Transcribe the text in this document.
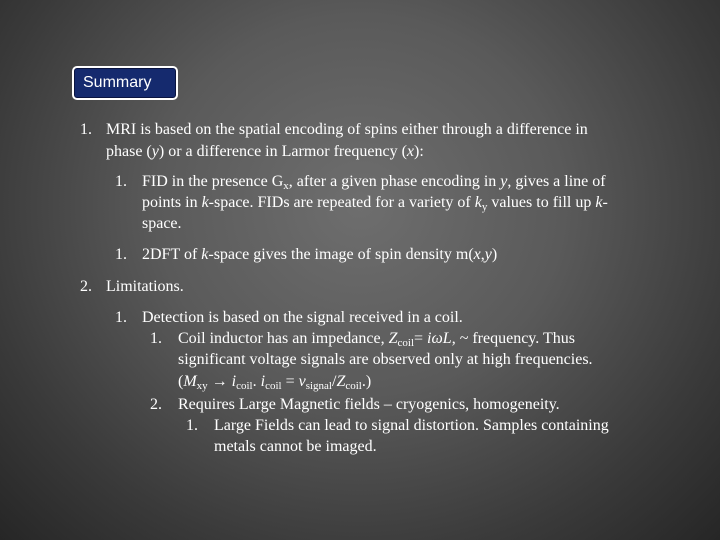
Summary
1. MRI is based on the spatial encoding of spins either through a difference in
phase (y) or a difference in Larmor frequency (x):
1. FID in the presence $G_x$, after a given phase encoding in y, gives a line of
points in k-space. FIDs are repeated for a variety of $k_y$ values to fill up k-
space.
1. 2DFT of k-space gives the image of spin density m(x,y)
2. Limitations.
1. Detection is based on the signal received in a coil.
1. Coil inductor has an impedance, $Z_{coil}= i\omega L$, ~ frequency. Thus
significant voltage signals are observed only at high frequencies.
($M_{xy} \to i_{coil}$. $i_{coil} = v_{signal}/Z_{coil}$.)
2. Requires Large Magnetic fields – cryogenics, homogeneity.
1. Large Fields can lead to signal distortion. Samples containing
metals cannot be imaged.
